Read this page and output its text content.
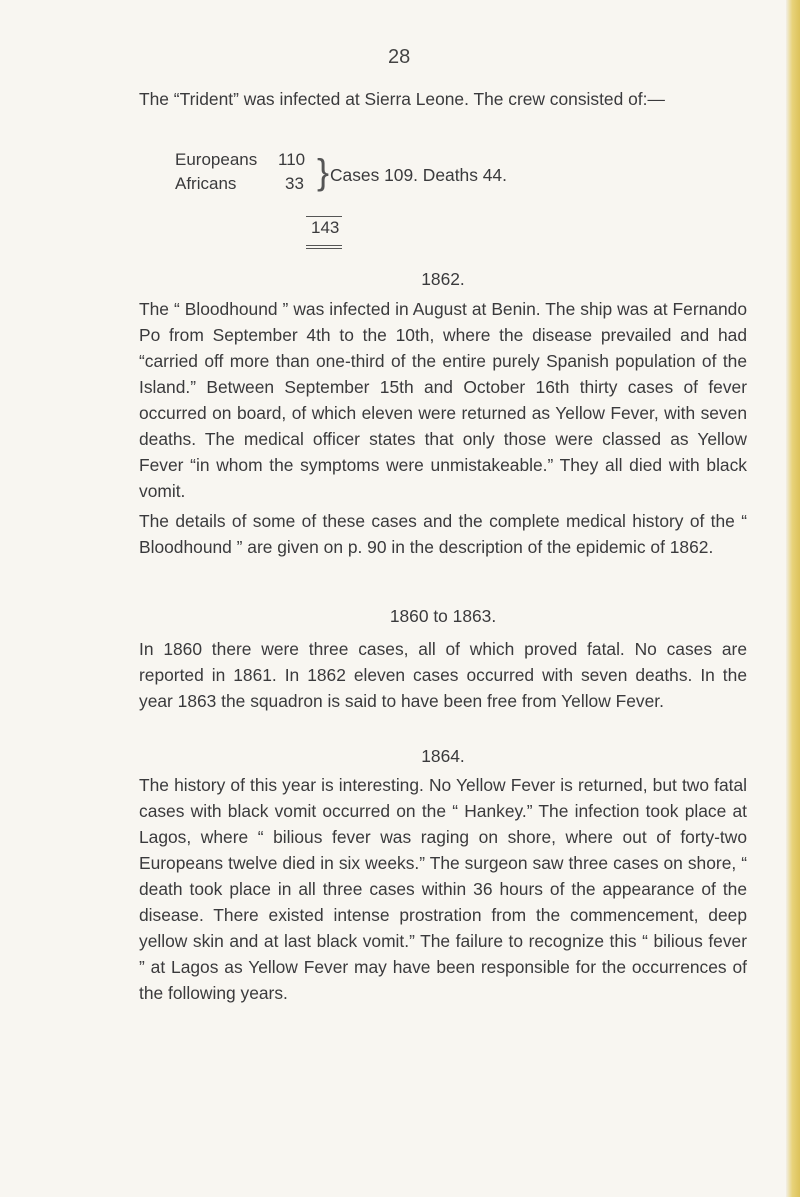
28

The “Trident” was infected at Sierra Leone. The crew consisted of:—

Europeans 110
Africans	33 } Cases 109. Deaths 44.
143
1862.

The “ Bloodhound ” was infected in August at Benin. The ship was at Fernando Po from September 4th to the 10th, where the disease prevailed and had “carried off more than one-third of the entire purely Spanish population of the Island.” Between September 15th and October 16th thirty cases of fever occurred on board, of which eleven were returned as Yellow Fever, with seven deaths. The medical officer states that only those were classed as Yellow Fever “in whom the symptoms were unmistakeable.” They all died with black vomit.

The details of some of these cases and the complete medical history of the “ Bloodhound ” are given on p. 90 in the description of the epidemic of 1862.

1860 to 1863.

In 1860 there were three cases, all of which proved fatal. No cases are reported in 1861. In 1862 eleven cases occurred with seven deaths. In the year 1863 the squadron is said to have been free from Yellow Fever.

1864.

The history of this year is interesting. No Yellow Fever is returned, but two fatal cases with black vomit occurred on the “ Hankey.” The infection took place at Lagos, where “ bilious fever was raging on shore, where out of forty-two Europeans twelve died in six weeks.” The surgeon saw three cases on shore, “ death took place in all three cases within 36 hours of the appearance of the disease. There existed intense prostration from the commencement, deep yellow skin and at last black vomit.” The failure to recognize this “ bilious fever ” at Lagos as Yellow Fever may have been responsible for the occurrences of the following years.
